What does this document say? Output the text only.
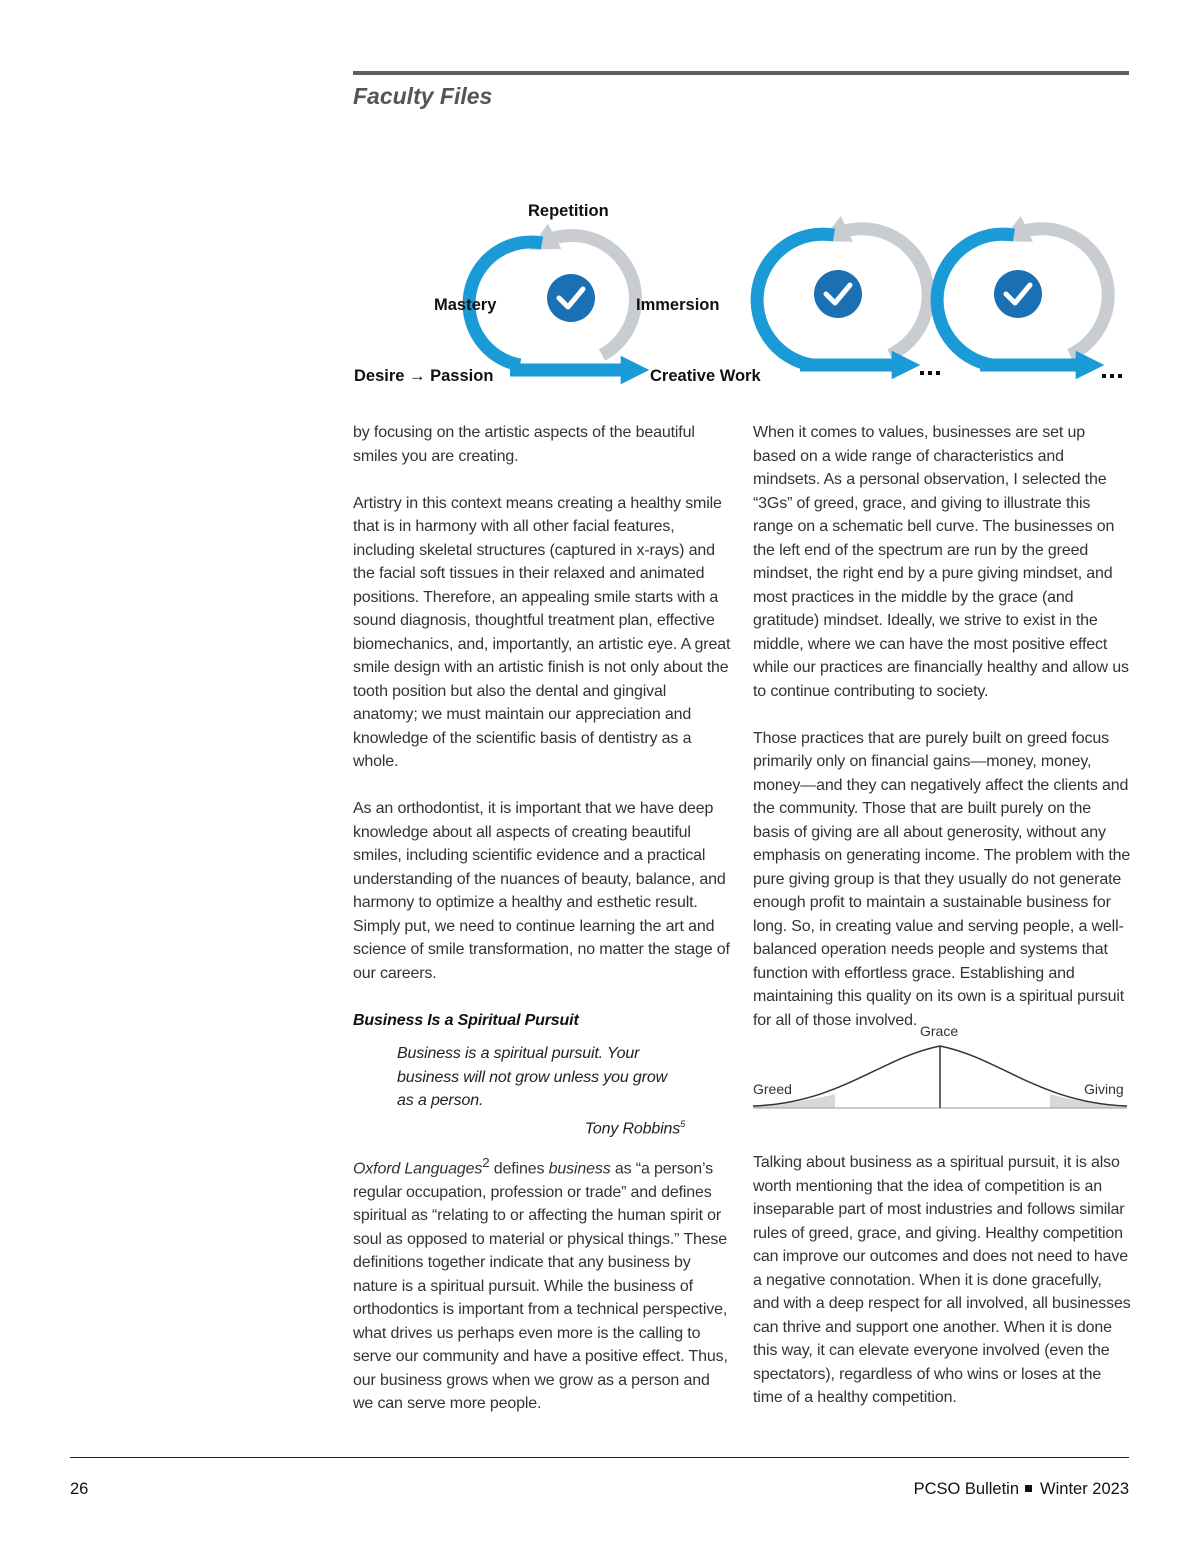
Faculty Files
Repetition
Mastery	Immersion
Desire → Passion	Creative Work

by focusing on the artistic aspects of the beautiful smiles you are creating.

Artistry in this context means creating a healthy smile that is in harmony with all other facial features, including skeletal structures (captured in x-rays) and the facial soft tissues in their relaxed and animated positions. Therefore, an appealing smile starts with a sound diagnosis, thoughtful treatment plan, effective biomechanics, and, importantly, an artistic eye. A great smile design with an artistic finish is not only about the tooth position but also the dental and gingival anatomy; we must maintain our appreciation and knowledge of the scientific basis of dentistry as a whole.

As an orthodontist, it is important that we have deep knowledge about all aspects of creating beautiful smiles, including scientific evidence and a practical understanding of the nuances of beauty, balance, and harmony to optimize a healthy and esthetic result. Simply put, we need to continue learning the art and science of smile transformation, no matter the stage of our careers.

Business Is a Spiritual Pursuit

Business is a spiritual pursuit. Your business will not grow unless you grow as a person.

Tony Robbins$^5$

Oxford Languages$^2$ defines business as “a person’s regular occupation, profession or trade” and defines spiritual as “relating to or affecting the human spirit or soul as opposed to material or physical things.” These definitions together indicate that any business by nature is a spiritual pursuit. While the business of orthodontics is important from a technical perspective, what drives us perhaps even more is the calling to serve our community and have a positive effect. Thus, our business grows when we grow as a person and we can serve more people.

When it comes to values, businesses are set up based on a wide range of characteristics and mindsets. As a personal observation, I selected the “3Gs” of greed, grace, and giving to illustrate this range on a schematic bell curve. The businesses on the left end of the spectrum are run by the greed mindset, the right end by a pure giving mindset, and most practices in the middle by the grace (and gratitude) mindset. Ideally, we strive to exist in the middle, where we can have the most positive effect while our practices are financially healthy and allow us to continue contributing to society.

Those practices that are purely built on greed focus primarily only on financial gains—money, money, money—and they can negatively affect the clients and the community. Those that are built purely on the basis of giving are all about generosity, without any emphasis on generating income. The problem with the pure giving group is that they usually do not generate enough profit to maintain a sustainable business for long. So, in creating value and serving people, a well-balanced operation needs people and systems that function with effortless grace. Establishing and maintaining this quality on its own is a spiritual pursuit for all of those involved.

Greed
Grace
Giving

Talking about business as a spiritual pursuit, it is also worth mentioning that the idea of competition is an inseparable part of most industries and follows similar rules of greed, grace, and giving. Healthy competition can improve our outcomes and does not need to have a negative connotation. When it is done gracefully, and with a deep respect for all involved, all businesses can thrive and support one another. When it is done this way, it can elevate everyone involved (even the spectators), regardless of who wins or loses at the time of a healthy competition.

26	PCSO Bulletin Winter 2023
